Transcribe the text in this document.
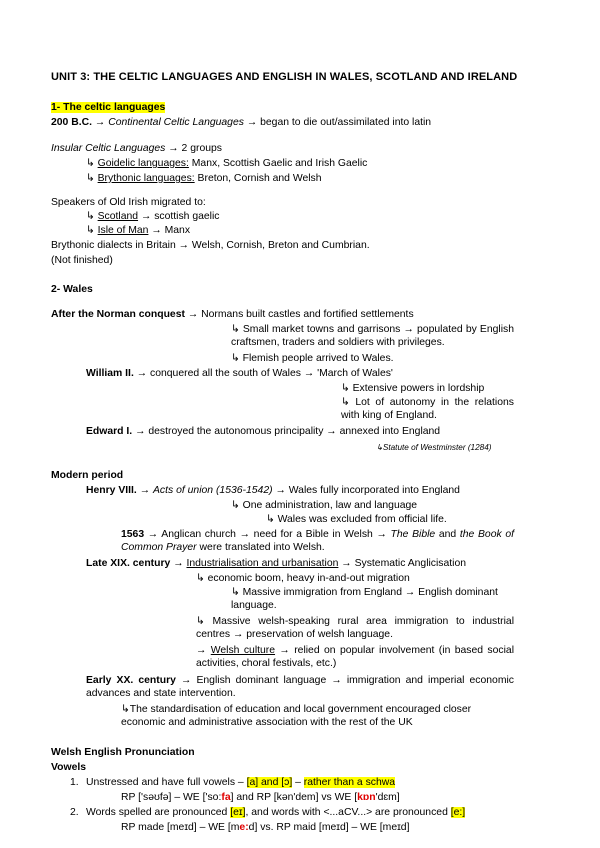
UNIT 3: THE CELTIC LANGUAGES AND ENGLISH IN WALES, SCOTLAND AND IRELAND
1- The celtic languages
200 B.C. → Continental Celtic Languages → began to die out/assimilated into latin
Insular Celtic Languages → 2 groups
↳ Goidelic languages: Manx, Scottish Gaelic and Irish Gaelic
↳ Brythonic languages: Breton, Cornish and Welsh
Speakers of Old Irish migrated to:
↳ Scotland → scottish gaelic
↳ Isle of Man → Manx
Brythonic dialects in Britain → Welsh, Cornish, Breton and Cumbrian.
(Not finished)
2- Wales
After the Norman conquest → Normans built castles and fortified settlements
↳ Small market towns and garrisons → populated by English craftsmen, traders and soldiers with privileges.
↳ Flemish people arrived to Wales.
William II. → conquered all the south of Wales → 'March of Wales'
↳ Extensive powers in lordship
↳ Lot of autonomy in the relations with king of England.
Edward I. → destroyed the autonomous principality → annexed into England
↳Statute of Westminster (1284)
Modern period
Henry VIII. → Acts of union (1536-1542) → Wales fully incorporated into England
↳ One administration, law and language
↳ Wales was excluded from official life.
1563 → Anglican church → need for a Bible in Welsh → The Bible and the Book of Common Prayer were translated into Welsh.
Late XIX. century → Industrialisation and urbanisation → Systematic Anglicisation
↳ economic boom, heavy in-and-out migration
↳ Massive immigration from England → English dominant language.
↳ Massive welsh-speaking rural area immigration to industrial centres → preservation of welsh language.
→ Welsh culture → relied on popular involvement (in based social activities, choral festivals, etc.)
Early XX. century → English dominant language → immigration and imperial economic advances and state intervention.
↳The standardisation of education and local government encouraged closer economic and administrative association with the rest of the UK
Welsh English Pronunciation
Vowels
1. Unstressed and have full vowels – [a] and [ɔ] – rather than a schwa
RP ['səʊfə] – WE ['so:fa] and RP [kən'dem] vs WE [kɒn'dɛm]
2. Words spelled are pronounced [eɪ], and words with <...aCV...> are pronounced [e:]
RP made [meɪd] – WE [me:d] vs. RP maid [meɪd] – WE [meɪd]
